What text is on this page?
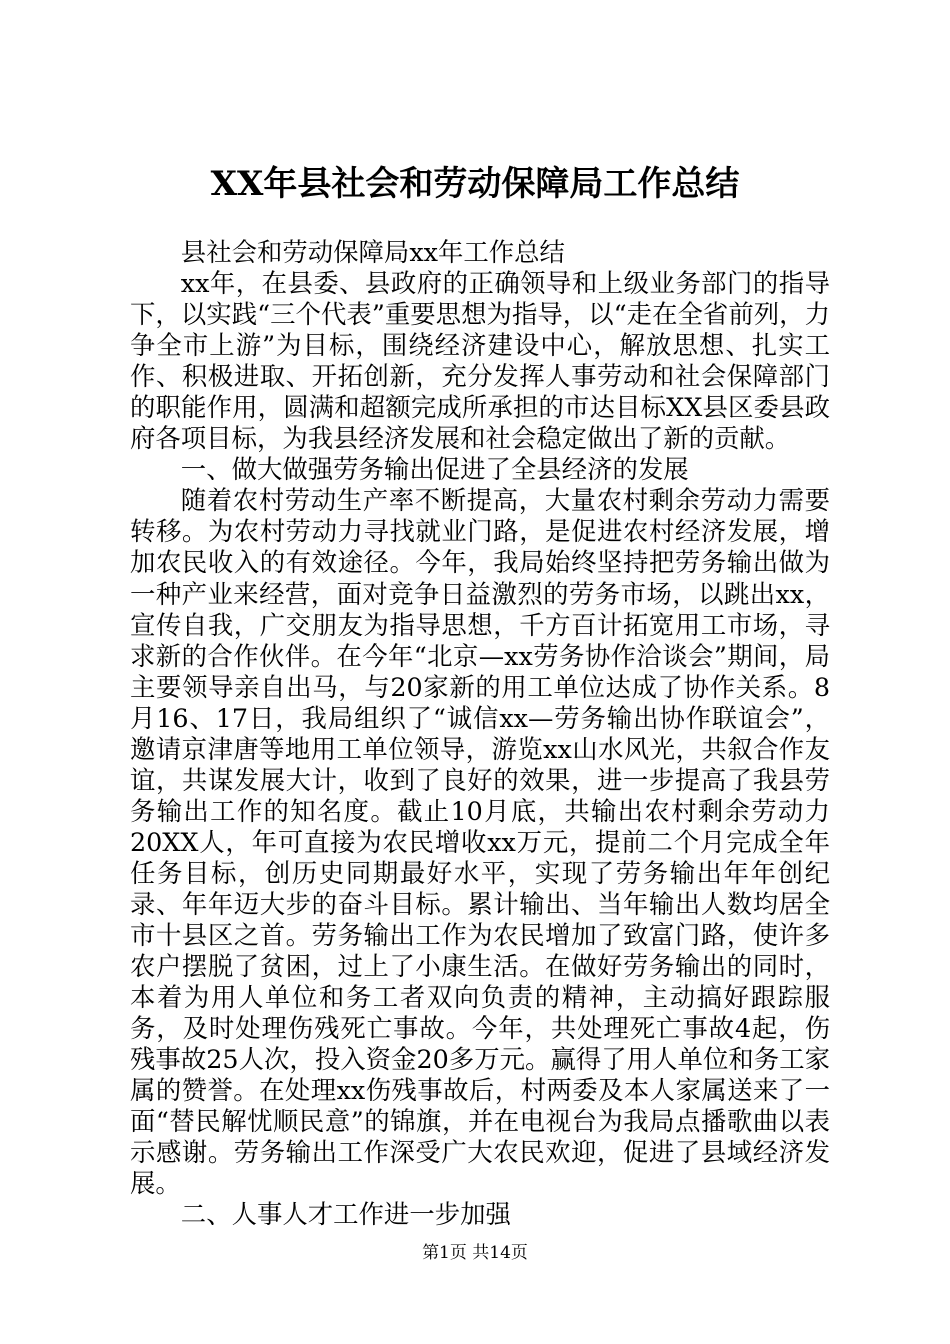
XX年县社会和劳动保障局工作总结

县社会和劳动保障局xx年工作总结

xx年，在县委、县政府的正确领导和上级业务部门的指导下，以实践“三个代表”重要思想为指导，以“走在全省前列，力争全市上游”为目标，围绕经济建设中心，解放思想、扎实工作、积极进取、开拓创新，充分发挥人事劳动和社会保障部门的职能作用，圆满和超额完成所承担的市达目标XX县区委县政府各项目标，为我县经济发展和社会稳定做出了新的贡献。

一、做大做强劳务输出促进了全县经济的发展

随着农村劳动生产率不断提高，大量农村剩余劳动力需要转移。为农村劳动力寻找就业门路，是促进农村经济发展，增加农民收入的有效途径。今年，我局始终坚持把劳务输出做为一种产业来经营，面对竞争日益激烈的劳务市场，以跳出xx，宣传自我，广交朋友为指导思想，千方百计拓宽用工市场，寻求新的合作伙伴。在今年“北京—xx劳务协作洽谈会”期间，局主要领导亲自出马，与20家新的用工单位达成了协作关系。8月16、17日，我局组织了“诚信xx—劳务输出协作联谊会”，邀请京津唐等地用工单位领导，游览xx山水风光，共叙合作友谊，共谋发展大计，收到了良好的效果，进一步提高了我县劳务输出工作的知名度。截止10月底，共输出农村剩余劳动力20XX人，年可直接为农民增收xx万元，提前二个月完成全年任务目标，创历史同期最好水平，实现了劳务输出年年创纪录、年年迈大步的奋斗目标。累计输出、当年输出人数均居全市十县区之首。劳务输出工作为农民增加了致富门路，使许多农户摆脱了贫困，过上了小康生活。在做好劳务输出的同时，本着为用人单位和务工者双向负责的精神，主动搞好跟踪服务，及时处理伤残死亡事故。今年，共处理死亡事故4起，伤残事故25人次，投入资金20多万元。赢得了用人单位和务工家属的赞誉。在处理xx伤残事故后，村两委及本人家属送来了一面“替民解忧顺民意”的锦旗，并在电视台为我局点播歌曲以表示感谢。劳务输出工作深受广大农民欢迎，促进了县域经济发展。

二、人事人才工作进一步加强

第1页 共14页
